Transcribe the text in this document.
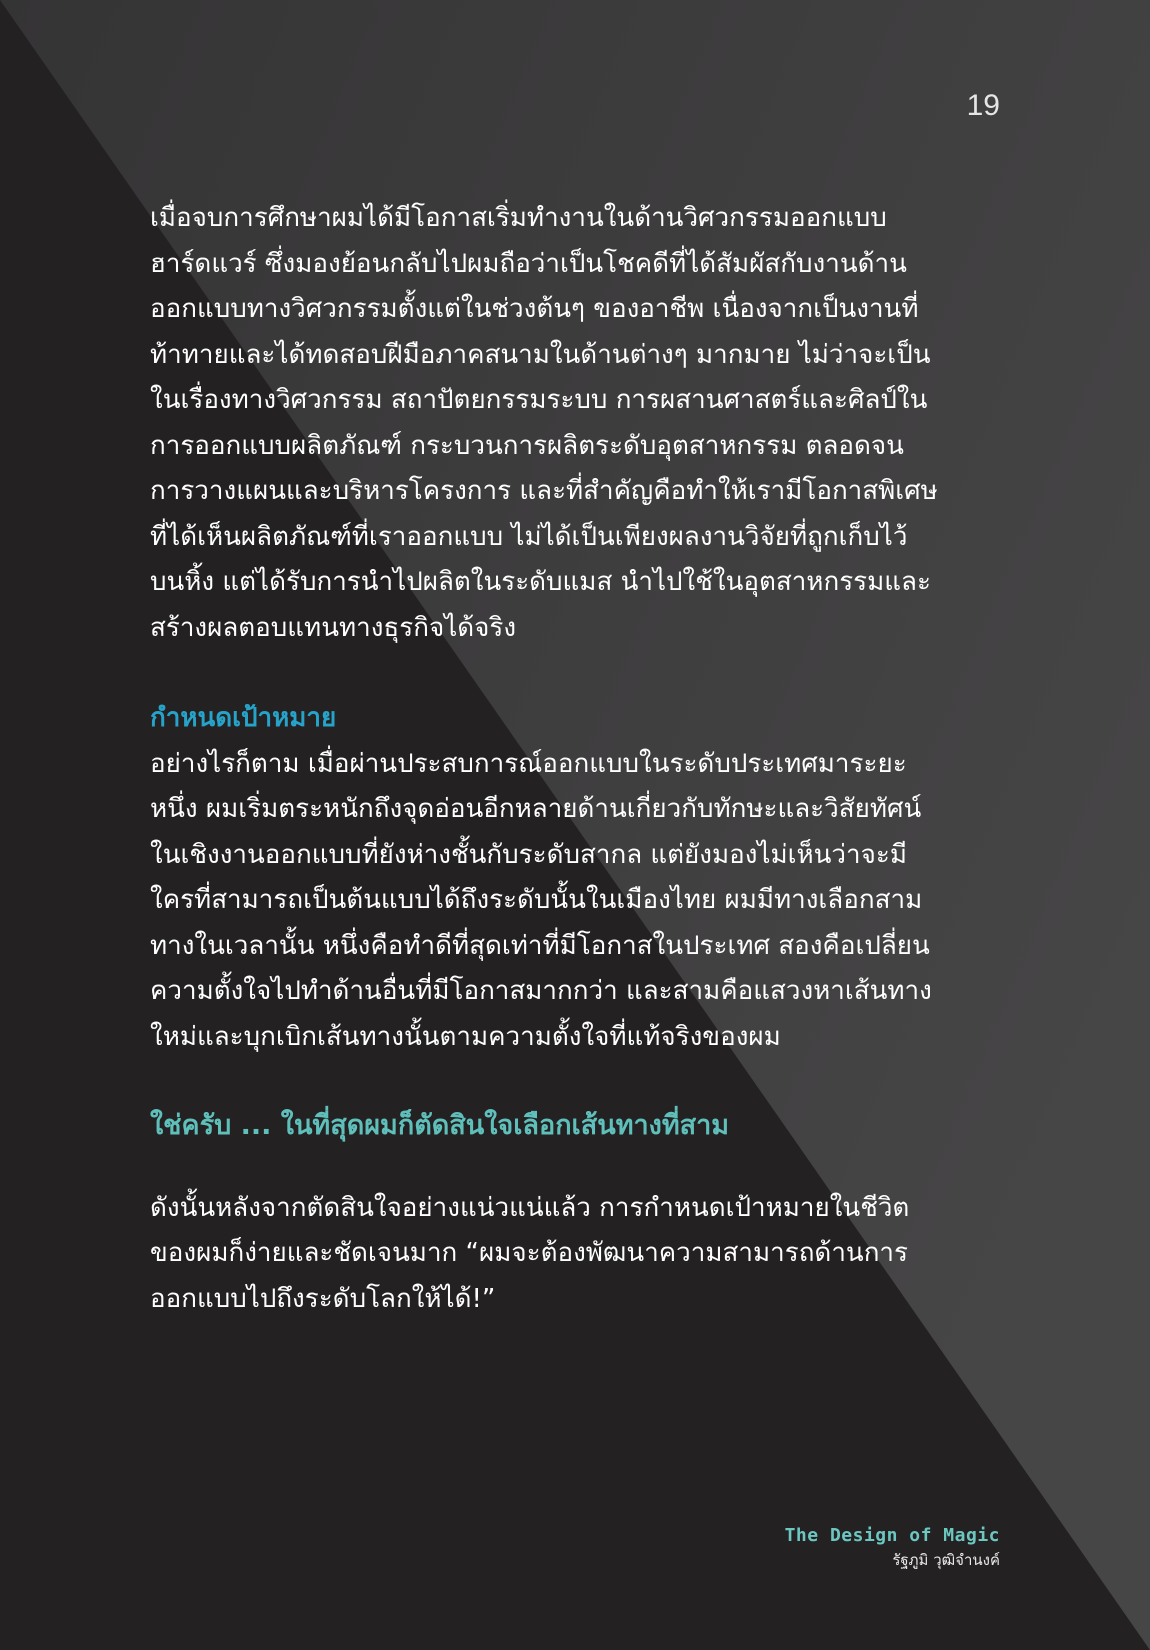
19
เมื่อจบการศึกษาผมได้มีโอกาสเริ่มทำงานในด้านวิศวกรรมออกแบบ
ฮาร์ดแวร์ ซึ่งมองย้อนกลับไปผมถือว่าเป็นโชคดีที่ได้สัมผัสกับงานด้าน
ออกแบบทางวิศวกรรมตั้งแต่ในช่วงต้นๆ ของอาชีพ เนื่องจากเป็นงานที่
ท้าทายและได้ทดสอบฝีมือภาคสนามในด้านต่างๆ มากมาย ไม่ว่าจะเป็น
ในเรื่องทางวิศวกรรม สถาปัตยกรรมระบบ การผสานศาสตร์และศิลป์ใน
การออกแบบผลิตภัณฑ์ กระบวนการผลิตระดับอุตสาหกรรม ตลอดจน
การวางแผนและบริหารโครงการ และที่สำคัญคือทำให้เรามีโอกาสพิเศษ
ที่ได้เห็นผลิตภัณฑ์ที่เราออกแบบ ไม่ได้เป็นเพียงผลงานวิจัยที่ถูกเก็บไว้
บนหิ้ง แต่ได้รับการนำไปผลิตในระดับแมส นำไปใช้ในอุตสาหกรรมและ
สร้างผลตอบแทนทางธุรกิจได้จริง
กำหนดเป้าหมาย
อย่างไรก็ตาม เมื่อผ่านประสบการณ์ออกแบบในระดับประเทศมาระยะ
หนึ่ง ผมเริ่มตระหนักถึงจุดอ่อนอีกหลายด้านเกี่ยวกับทักษะและวิสัยทัศน์
ในเชิงงานออกแบบที่ยังห่างชั้นกับระดับสากล แต่ยังมองไม่เห็นว่าจะมี
ใครที่สามารถเป็นต้นแบบได้ถึงระดับนั้นในเมืองไทย ผมมีทางเลือกสาม
ทางในเวลานั้น หนึ่งคือทำดีที่สุดเท่าที่มีโอกาสในประเทศ สองคือเปลี่ยน
ความตั้งใจไปทำด้านอื่นที่มีโอกาสมากกว่า และสามคือแสวงหาเส้นทาง
ใหม่และบุกเบิกเส้นทางนั้นตามความตั้งใจที่แท้จริงของผม

ใช่ครับ ... ในที่สุดผมก็ตัดสินใจเลือกเส้นทางที่สาม

ดังนั้นหลังจากตัดสินใจอย่างแน่วแน่แล้ว การกำหนดเป้าหมายในชีวิต
ของผมก็ง่ายและชัดเจนมาก “ผมจะต้องพัฒนาความสามารถด้านการ
ออกแบบไปถึงระดับโลกให้ได้!”

The Design of Magic

รัฐภูมิ วุฒิจำนงค์
